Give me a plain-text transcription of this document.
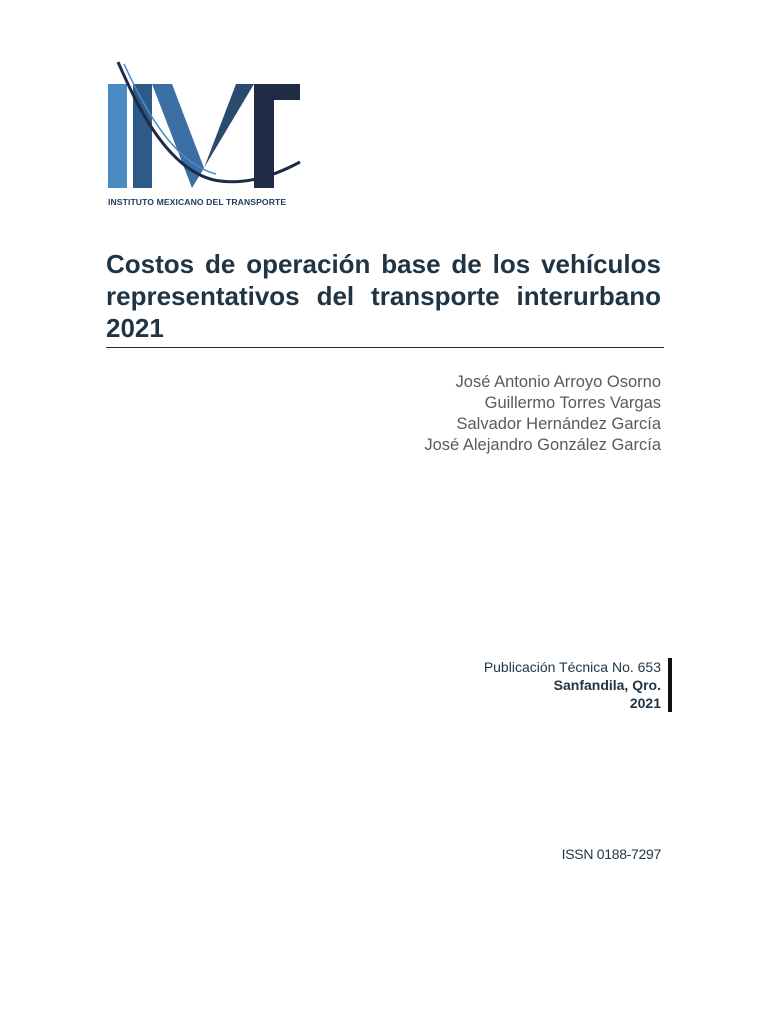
INSTITUTO MEXICANO DEL TRANSPORTE
Costos de operación base de los vehículos representativos del transporte interurbano 2021
José Antonio Arroyo Osorno
Guillermo Torres Vargas
Salvador Hernández García
José Alejandro González García
Publicación Técnica No. 653
Sanfandila, Qro.
2021
ISSN 0188-7297
